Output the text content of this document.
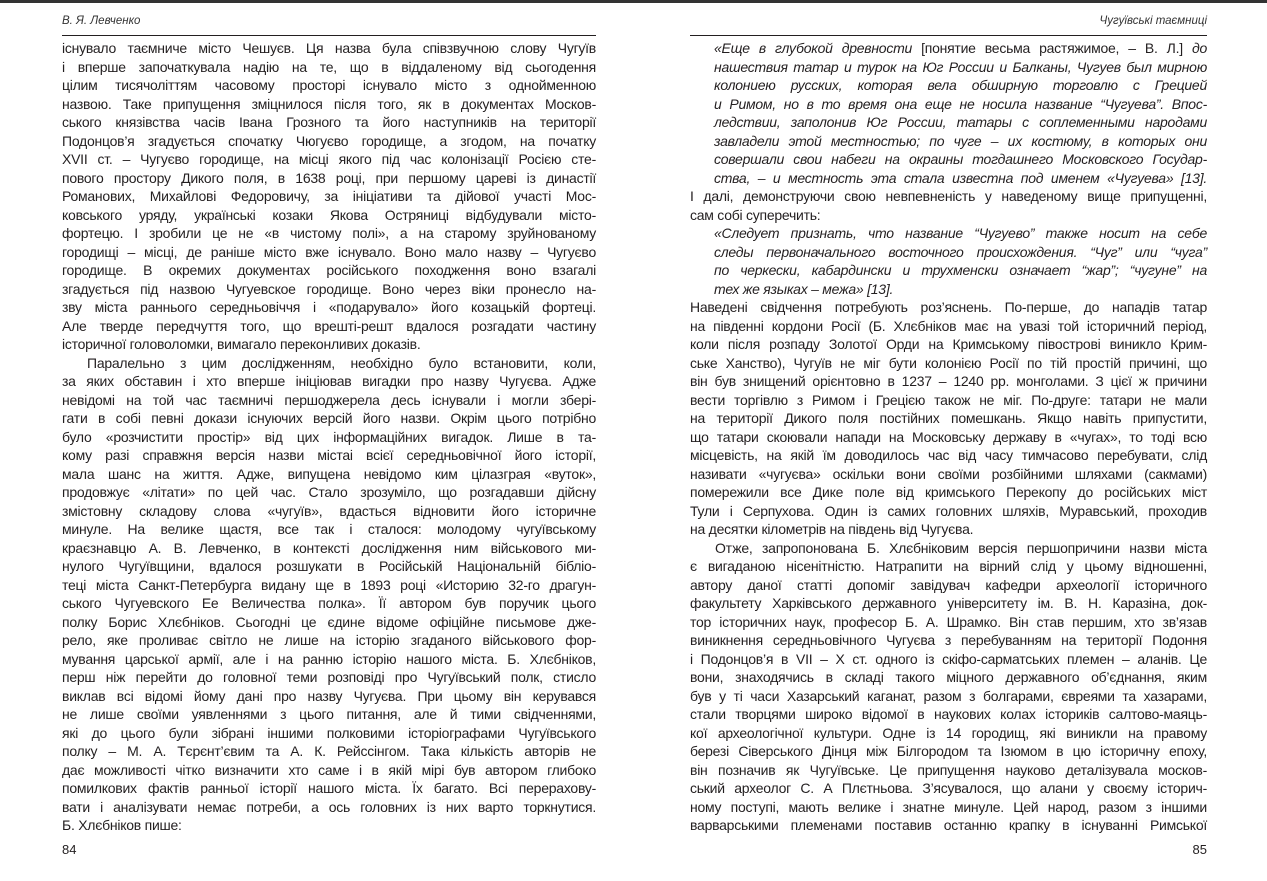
В. Я. Левченко
існувало таємниче місто Чешуєв. Ця назва була співзвучною слову Чугуїв
і вперше започаткувала надію на те, що в віддаленому від сьогодення
цілим тисячоліттям часовому просторі існувало місто з однойменною
назвою. Таке припущення зміцнилося після того, як в документах Москов-
ського князівства часів Івана Грозного та його наступників на території
Подонцов’я згадується спочатку Чюгуєво городище, а згодом, на початку
XVII ст. – Чугуєво городище, на місці якого під час колонізації Росією сте-
пового простору Дикого поля, в 1638 році, при першому цареві із династії
Романових, Михайлові Федоровичу, за ініціативи та дійової участі Мос-
ковського уряду, українські козаки Якова Остряниці відбудували місто-
фортецю. І зробили це не «в чистому полі», а на старому зруйнованому
городищі – місці, де раніше місто вже існувало. Воно мало назву – Чугуєво
городище. В окремих документах російського походження воно взагалі
згадується під назвою Чугуевское городище. Воно через віки пронесло на-
зву міста раннього середньовіччя і «подарувало» його козацькій фортеці.
Але тверде передчуття того, що врешті-решт вдалося розгадати частину
історичної головоломки, вимагало переконливих доказів.
Паралельно з цим дослідженням, необхідно було встановити, коли,
за яких обставин і хто вперше ініціював вигадки про назву Чугуєва. Адже
невідомі на той час таємничі першоджерела десь існували і могли збері-
гати в собі певні докази існуючих версій його назви. Окрім цього потрібно
було «розчистити простір» від цих інформаційних вигадок. Лише в та-
кому разі справжня версія назви містаі всієї середньовічної його історії,
мала шанс на життя. Адже, випущена невідомо ким цілазграя «вуток»,
продовжує «літати» по цей час. Стало зрозуміло, що розгадавши дійсну
змістовну складову слова «чугуїв», вдасться відновити його історичне
минуле. На велике щастя, все так і сталося: молодому чугуївському
краєзнавцю А. В. Левченко, в контексті дослідження ним військового ми-
нулого Чугуївщини, вдалося розшукати в Російській Національній бібліо-
теці міста Санкт-Петербурга видану ще в 1893 році «Историю 32-го драгун-
ського Чугуевского Ее Величества полка». Її автором був поручик цього
полку Борис Хлєбніков. Сьогодні це єдине відоме офіційне письмове дже-
рело, яке проливає світло не лише на історію згаданого військового фор-
мування царської армії, але і на ранню історію нашого міста. Б. Хлєбніков,
перш ніж перейти до головної теми розповіді про Чугуївський полк, стисло
виклав всі відомі йому дані про назву Чугуєва. При цьому він керувався
не лише своїми уявленнями з цього питання, але й тими свідченнями,
які до цього були зібрані іншими полковими історіографами Чугуївського
полку – М. А. Тєрєнт’євим та А. К. Рейссінгом. Така кількість авторів не
дає можливості чітко визначити хто саме і в якій мірі був автором глибоко
помилкових фактів ранньої історії нашого міста. Їх багато. Всі перерахову-
вати і аналізувати немає потреби, а ось головних із них варто торкнутися.
Б. Хлєбніков пише:
84
Чугуївські таємниці
«Еще в глубокой древности [понятие весьма растяжимое, – В. Л.] до
нашествия татар и турок на Юг России и Балканы, Чугуев был мирною
колониею русских, которая вела обширную торговлю с Грецией
и Римом, но в то время она еще не носила название “Чугуева”. Впос-
ледствии, заполонив Юг России, татары с соплеменными народами
завладели этой местностью; по чуге – их костюму, в которых они
совершали свои набеги на окраины тогдашнего Московского Государ-
ства, – и местность эта стала известна под именем «Чугуева» [13].
І далі, демонструючи свою невпевненість у наведеному вище припущенні,
сам собі суперечить:
«Следует признать, что название “Чугуево” также носит на себе
следы первоначального восточного происхождения. “Чуг” или “чуга”
по черкески, кабардински и трухменски означает “жар”; “чугуне” на
тех же языках – межа» [13].
Наведені свідчення потребують роз’яснень. По-перше, до нападів татар
на південні кордони Росії (Б. Хлєбніков має на увазі той історичний період,
коли після розпаду Золотої Орди на Кримському півострові виникло Крим-
ське Ханство), Чугуїв не міг бути колонією Росії по тій простій причині, що
він був знищений орієнтовно в 1237 – 1240 рр. монголами. З цієї ж причини
вести торгівлю з Римом і Грецією також не міг. По-друге: татари не мали
на території Дикого поля постійних помешкань. Якщо навіть припустити,
що татари скоювали напади на Московську державу в «чугах», то тоді всю
місцевість, на якій їм доводилось час від часу тимчасово перебувати, слід
називати «чугуєва» оскільки вони своїми розбійними шляхами (сакмами)
помережили все Дике поле від кримського Перекопу до російських міст
Тули і Серпухова. Один із самих головних шляхів, Муравський, проходив
на десятки кілометрів на південь від Чугуєва.
Отже, запропонована Б. Хлєбніковим версія першопричини назви міста
є вигаданою нісенітністю. Натрапити на вірний слід у цьому відношенні,
автору даної статті допоміг завідувач кафедри археології історичного
факультету Харківського державного університету ім. В. Н. Каразіна, док-
тор історичних наук, професор Б. А. Шрамко. Він став першим, хто зв’язав
виникнення середньовічного Чугуєва з перебуванням на території Подоння
і Подонцов’я в VII – X ст. одного із скіфо-сарматських племен – аланів. Це
вони, знаходячись в складі такого міцного державного об’єднання, яким
був у ті часи Хазарський каганат, разом з болгарами, євреями та хазарами,
стали творцями широко відомої в наукових колах істориків салтово-маяць-
кої археологічної культури. Одне із 14 городищ, які виникли на правому
березі Сіверського Дінця між Білгородом та Ізюмом в цю історичну епоху,
він позначив як Чугуївське. Це припущення науково деталізувала москов-
ський археолог С. А Плєтньова. З’ясувалося, що алани у своєму історич-
ному поступі, мають велике і знатне минуле. Цей народ, разом з іншими
варварськими племенами поставив останню крапку в існуванні Римської
85
